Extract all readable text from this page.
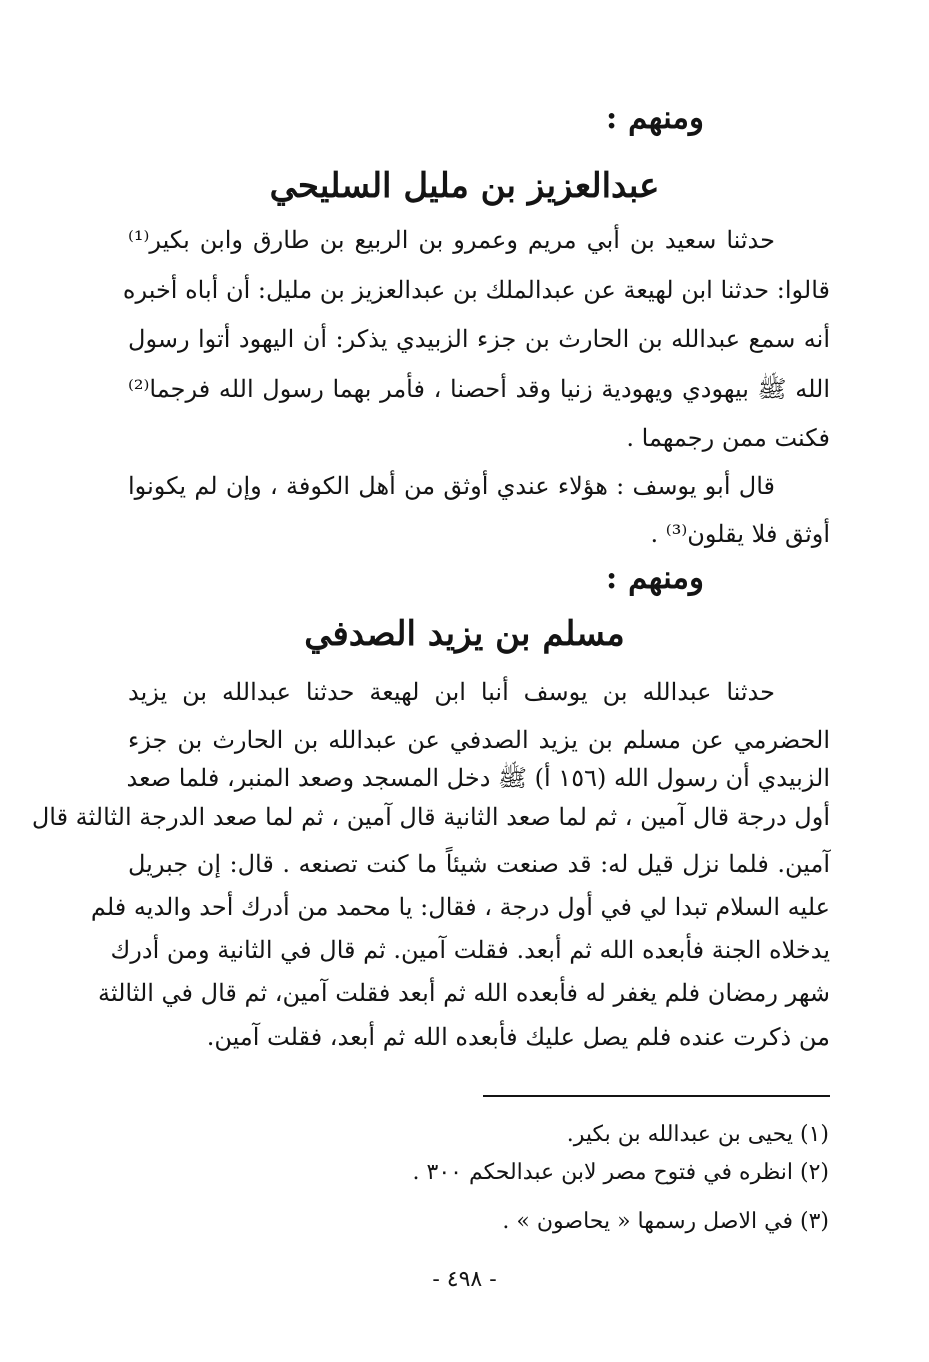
ومنهم :
عبدالعزيز بن مليل السليحي
حدثنا سعيد بن أبي مريم وعمرو بن الربيع بن طارق وابن بكير⁽¹⁾
قالوا: حدثنا ابن لهيعة عن عبدالملك بن عبدالعزيز بن مليل: أن أباه أخبره
أنه سمع عبدالله بن الحارث بن جزء الزبيدي يذكر: أن اليهود أتوا رسول
الله ﷺ بيهودي ويهودية زنيا وقد أحصنا ، فأمر بهما رسول الله فرجما⁽²⁾
فكنت ممن رجمهما .
قال أبو يوسف : هؤلاء عندي أوثق من أهل الكوفة ، وإن لم يكونوا
أوثق فلا يقلون⁽³⁾ .
ومنهم :
مسلم بن يزيد الصدفي
حدثنا عبدالله بن يوسف أنبا ابن لهيعة حدثنا عبدالله بن يزيد
الحضرمي عن مسلم بن يزيد الصدفي عن عبدالله بن الحارث بن جزء
الزبيدي أن رسول الله (١٥٦ أ) ﷺ دخل المسجد وصعد المنبر، فلما صعد
أول درجة قال آمين ، ثم لما صعد الثانية قال آمين ، ثم لما صعد الدرجة الثالثة قال
آمين. فلما نزل قيل له: قد صنعت شيئاً ما كنت تصنعه . قال: إن جبريل
عليه السلام تبدا لي في أول درجة ، فقال: يا محمد من أدرك أحد والديه فلم
يدخلاه الجنة فأبعده الله ثم أبعد. فقلت آمين. ثم قال في الثانية ومن أدرك
شهر رمضان فلم يغفر له فأبعده الله ثم أبعد فقلت آمين، ثم قال في الثالثة
من ذكرت عنده فلم يصل عليك فأبعده الله ثم أبعد، فقلت آمين.
(١) يحيى بن عبدالله بن بكير.
(٢) انظره في فتوح مصر لابن عبدالحكم ٣٠٠ .
(٣) في الاصل رسمها « يحاصون » .
- ٤٩٨ -
